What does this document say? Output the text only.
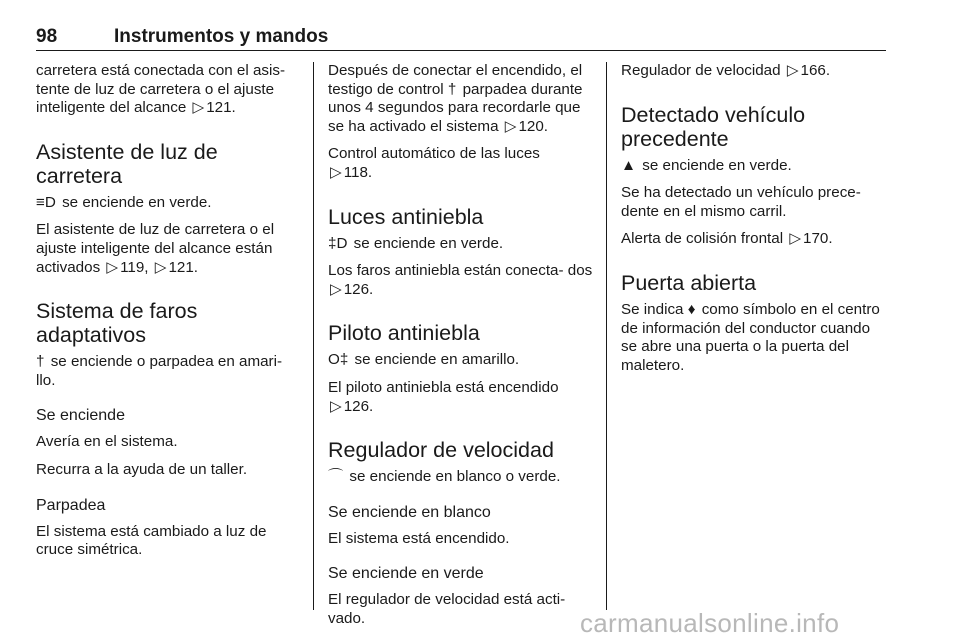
98	Instrumentos y mandos

carretera está conectada con el asis- tente de luz de carretera o el ajuste inteligente del alcance ▷ 121.

Asistente de luz de carretera

≡D se enciende en verde.

El asistente de luz de carretera o el ajuste inteligente del alcance están activados ▷ 119, ▷ 121.

Sistema de faros adaptativos

† se enciende o parpadea en amari- llo.

Se enciende

Avería en el sistema.

Recurra a la ayuda de un taller.

Parpadea

El sistema está cambiado a luz de cruce simétrica.

Después de conectar el encendido, el testigo de control † parpadea durante unos 4 segundos para recordarle que se ha activado el sistema ▷ 120.

Control automático de las luces
▷ 118.

Luces antiniebla

‡D se enciende en verde.

Los faros antiniebla están conecta- dos ▷ 126.

Piloto antiniebla

O‡ se enciende en amarillo.

El piloto antiniebla está encendido
▷ 126.

Regulador de velocidad

⌒ se enciende en blanco o verde.

Se enciende en blanco

El sistema está encendido.

Se enciende en verde

El regulador de velocidad está acti- vado.

Regulador de velocidad ▷ 166.

Detectado vehículo precedente

▲ se enciende en verde.

Se ha detectado un vehículo prece- dente en el mismo carril.

Alerta de colisión frontal ▷ 170.

Puerta abierta

Se indica ♦ como símbolo en el centro de información del conductor cuando se abre una puerta o la puerta del maletero.

carmanualsonline.info
